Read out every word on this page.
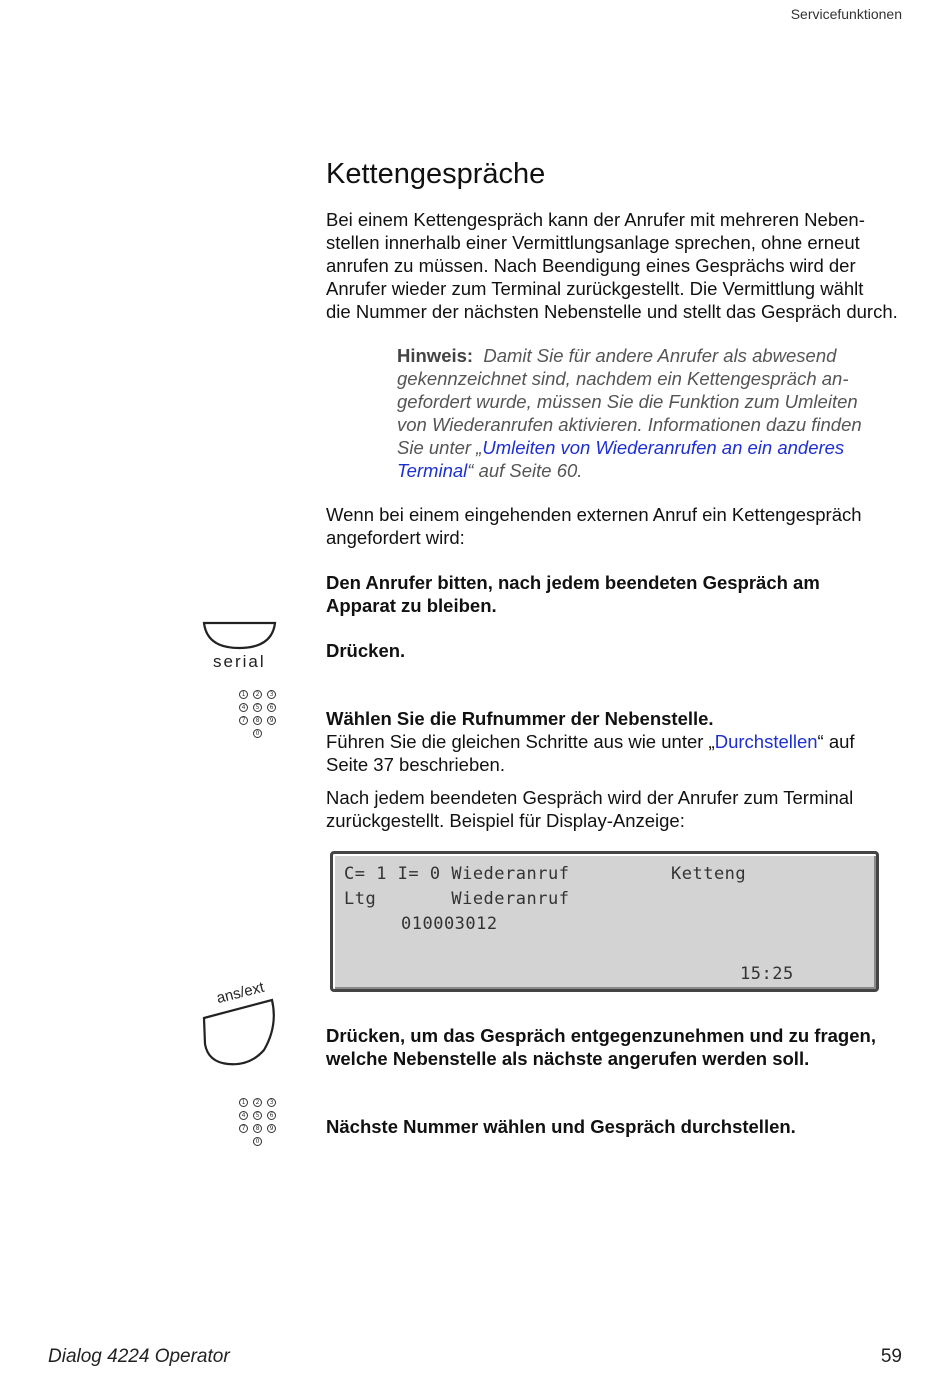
Servicefunktionen
Kettengespräche
Bei einem Kettengespräch kann der Anrufer mit mehreren Neben-
stellen innerhalb einer Vermittlungsanlage sprechen, ohne erneut
anrufen zu müssen. Nach Beendigung eines Gesprächs wird der
Anrufer wieder zum Terminal zurückgestellt. Die Vermittlung wählt
die Nummer der nächsten Nebenstelle und stellt das Gespräch durch.
Hinweis: Damit Sie für andere Anrufer als abwesend
gekennzeichnet sind, nachdem ein Kettengespräch an-
gefordert wurde, müssen Sie die Funktion zum Umleiten
von Wiederanrufen aktivieren. Informationen dazu finden
Sie unter „Umleiten von Wiederanrufen an ein anderes
Terminal“ auf Seite 60.
Wenn bei einem eingehenden externen Anruf ein Kettengespräch
angefordert wird:
Den Anrufer bitten, nach jedem beendeten Gespräch am
Apparat zu bleiben.
serial
Drücken.
1	2	3
4	5	6
7	8	9
0
Wählen Sie die Rufnummer der Nebenstelle.
Führen Sie die gleichen Schritte aus wie unter „Durchstellen“ auf
Seite 37 beschrieben.
Nach jedem beendeten Gespräch wird der Anrufer zum Terminal
zurückgestellt. Beispiel für Display-Anzeige:
C= 1 I= 0 Wiederanruf	Ketteng
Ltg       Wiederanruf
010003012
15:25
ans/ext
Drücken, um das Gespräch entgegenzunehmen und zu fragen,
welche Nebenstelle als nächste angerufen werden soll.
1	2	3
4	5	6
7	8	9
0
Nächste Nummer wählen und Gespräch durchstellen.
Dialog 4224 Operator	59
